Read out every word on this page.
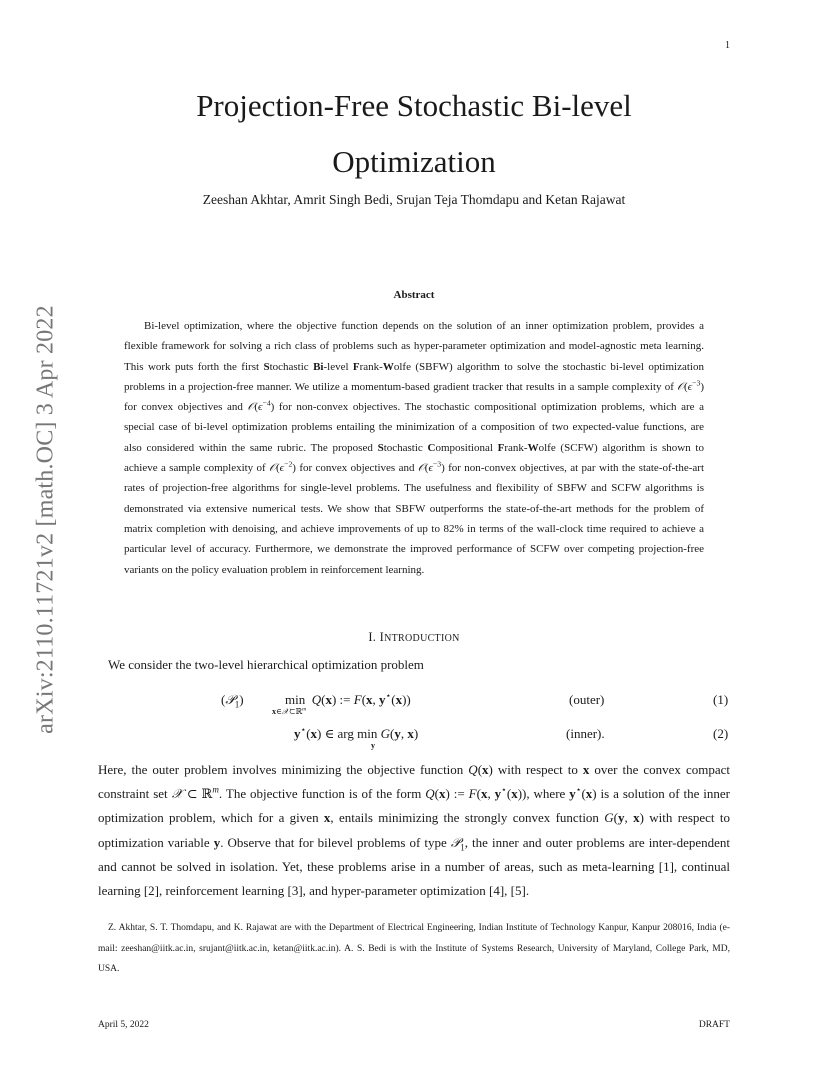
1
arXiv:2110.11721v2 [math.OC] 3 Apr 2022
Projection-Free Stochastic Bi-level Optimization
Zeeshan Akhtar, Amrit Singh Bedi, Srujan Teja Thomdapu and Ketan Rajawat
Abstract

Bi-level optimization, where the objective function depends on the solution of an inner optimization problem, provides a flexible framework for solving a rich class of problems such as hyper-parameter optimization and model-agnostic meta learning. This work puts forth the first Stochastic Bi-level Frank-Wolfe (SBFW) algorithm to solve the stochastic bi-level optimization problems in a projection-free manner. We utilize a momentum-based gradient tracker that results in a sample complexity of $𝒪(\epsilon^{-3})$ for convex objectives and $𝒪(\epsilon^{-4})$ for non-convex objectives. The stochastic compositional optimization problems, which are a special case of bi-level optimization problems entailing the minimization of a composition of two expected-value functions, are also considered within the same rubric. The proposed Stochastic Compositional Frank-Wolfe (SCFW) algorithm is shown to achieve a sample complexity of $𝒪(\epsilon^{-2})$ for convex objectives and $𝒪(\epsilon^{-3})$ for non-convex objectives, at par with the state-of-the-art rates of projection-free algorithms for single-level problems. The usefulness and flexibility of SBFW and SCFW algorithms is demonstrated via extensive numerical tests. We show that SBFW outperforms the state-of-the-art methods for the problem of matrix completion with denoising, and achieve improvements of up to 82% in terms of the wall-clock time required to achieve a particular level of accuracy. Furthermore, we demonstrate the improved performance of SCFW over competing projection-free variants on the policy evaluation problem in reinforcement learning.

I. INTRODUCTION

We consider the two-level hierarchical optimization problem

(𝒫$_1$)	min  Q(x) := F(x, y⋆(x))
x∈𝒳⊂ℝ$^m$
(outer)	(1)
y⋆(x) ∈ arg min G(y, x)
y
(inner).	(2)

Here, the outer problem involves minimizing the objective function Q(x) with respect to x over the convex compact constraint set 𝒳 ⊂ ℝ$^m$. The objective function is of the form Q(x) := F(x, y⋆(x)), where y⋆(x) is a solution of the inner optimization problem, which for a given x, entails minimizing the strongly convex function G(y, x) with respect to optimization variable y. Observe that for bilevel problems of type 𝒫$_1$, the inner and outer problems are inter-dependent and cannot be solved in isolation. Yet, these problems arise in a number of areas, such as meta-learning [1], continual learning [2], reinforcement learning [3], and hyper-parameter optimization [4], [5].

Z. Akhtar, S. T. Thomdapu, and K. Rajawat are with the Department of Electrical Engineering, Indian Institute of Technology Kanpur, Kanpur 208016, India (e-mail: zeeshan@iitk.ac.in, srujant@iitk.ac.in, ketan@iitk.ac.in). A. S. Bedi is with the Institute of Systems Research, University of Maryland, College Park, MD, USA.

April 5, 2022	DRAFT
